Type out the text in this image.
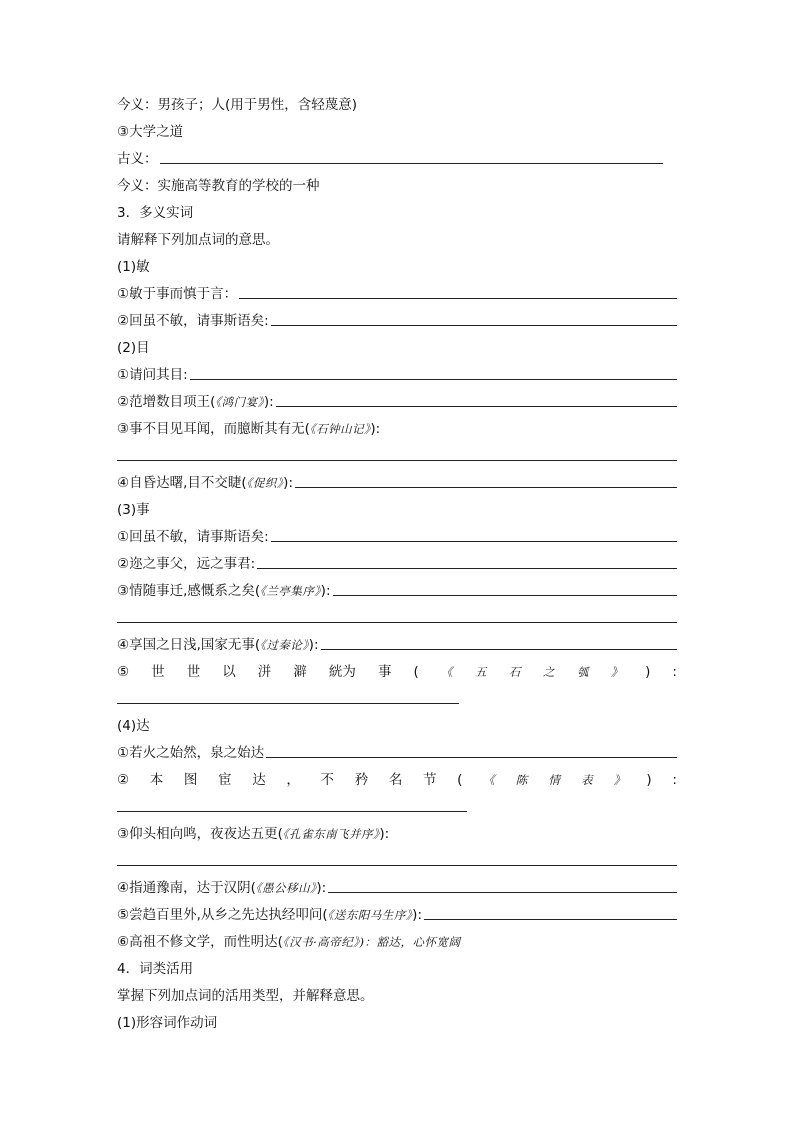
今义：男孩子；人(用于男性，含轻蔑意)
③大学之道
古义：
今义：实施高等教育的学校的一种
3．多义实词
请解释下列加点词的意思。
(1)敏
①敏于事而慎于言：
②回虽不敏，请事斯语矣:
(2)目
①请问其目:
②范增数目项王(《鸿门宴》):
③事不目见耳闻，而臆断其有无(《石钟山记》):
④自昏达曙,目不交睫(《促织》):
(3)事
①回虽不敏，请事斯语矣:
②迩之事父，远之事君:
③情随事迁,感慨系之矣(《兰亭集序》):
④享国之日浅,国家无事(《过秦论》):
⑤ 世 世 以 洴 澼 絖为 事 ( 《 五 石 之 瓠 》 ) :
(4)达
①若火之始然，泉之始达
② 本 图 宦 达 ， 不 矜 名 节 ( 《 陈 情 表 》 ) :
③仰头相向鸣，夜夜达五更(《孔雀东南飞并序》):
④指通豫南，达于汉阴(《愚公移山》):
⑤尝趋百里外,从乡之先达执经叩问(《送东阳马生序》):
⑥高祖不修文学，而性明达(《汉书·高帝纪》)：豁达，心怀宽阔
4．词类活用
掌握下列加点词的活用类型，并解释意思。
(1)形容词作动词
